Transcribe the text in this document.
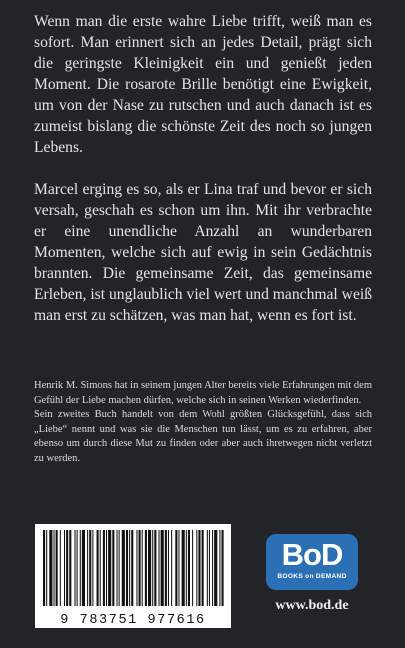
Wenn man die erste wahre Liebe trifft, weiß man es sofort. Man erinnert sich an jedes Detail, prägt sich die geringste Kleinigkeit ein und genießt jeden Moment. Die rosarote Brille benötigt eine Ewigkeit, um von der Nase zu rutschen und auch danach ist es zumeist bislang die schönste Zeit des noch so jungen Lebens.

Marcel erging es so, als er Lina traf und bevor er sich versah, geschah es schon um ihn. Mit ihr verbrachte er eine unendliche Anzahl an wunderbaren Momenten, welche sich auf ewig in sein Gedächtnis brannten. Die gemeinsame Zeit, das gemeinsame Erleben, ist unglaublich viel wert und manchmal weiß man erst zu schätzen, was man hat, wenn es fort ist.

Henrik M. Simons hat in seinem jungen Alter bereits viele Erfahrungen mit dem Gefühl der Liebe machen dürfen, welche sich in seinen Werken wiederfinden.

Sein zweites Buch handelt von dem Wohl größten Glücksgefühl, dass sich „Liebe“ nennt und was sie die Menschen tun lässt, um es zu erfahren, aber ebenso um durch diese Mut zu finden oder aber auch ihretwegen nicht verletzt zu werden.

9 783751 977616
BoD
BOOKS on DEMAND
www.bod.de
